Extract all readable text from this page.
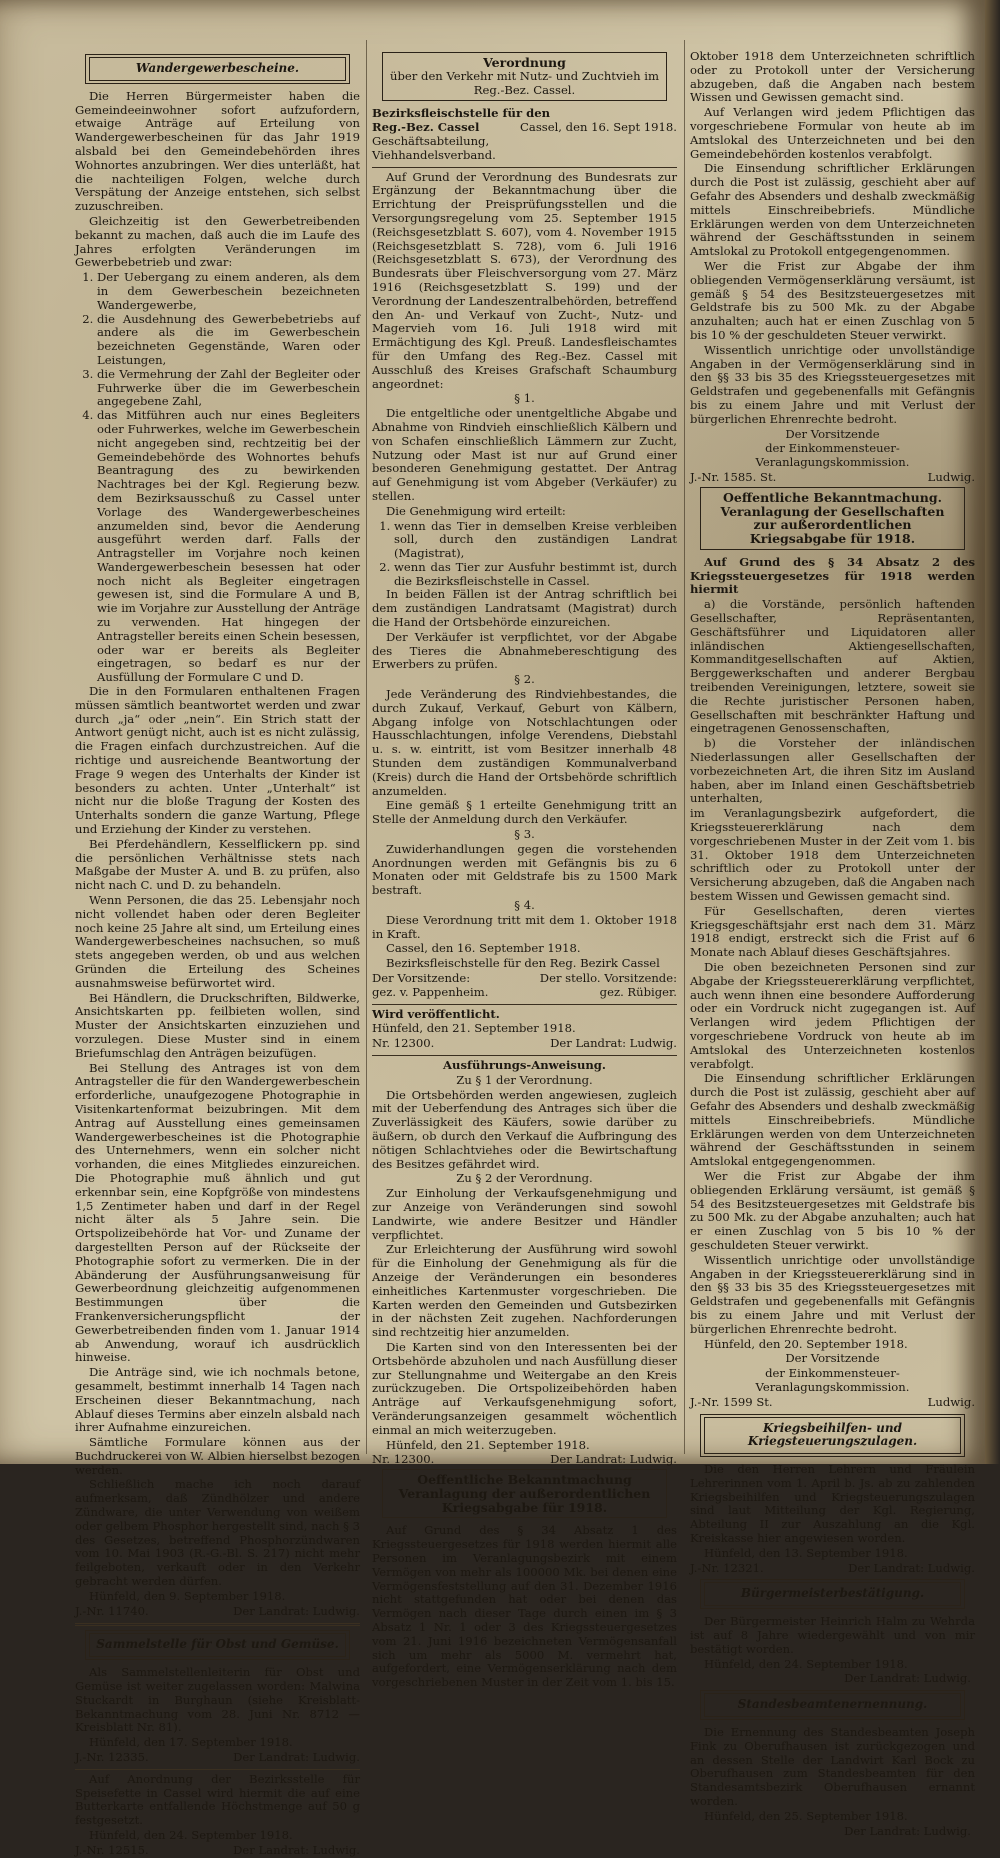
Wandergewerbescheine.

Die Herren Bürgermeister haben die Gemeindeeinwohner sofort aufzufordern, etwaige Anträge auf Erteilung von Wandergewerbescheinen für das Jahr 1919 alsbald bei den Gemeindebehörden ihres Wohnortes anzubringen. Wer dies unterläßt, hat die nachteiligen Folgen, welche durch Verspätung der Anzeige entstehen, sich selbst zuzuschreiben.

Gleichzeitig ist den Gewerbetreibenden bekannt zu machen, daß auch die im Laufe des Jahres erfolgten Veränderungen im Gewerbebetrieb und zwar:

1. Der Uebergang zu einem anderen, als dem in dem Gewerbeschein bezeichneten Wandergewerbe,
2. die Ausdehnung des Gewerbebetriebs auf andere als die im Gewerbeschein bezeichneten Gegenstände, Waren oder Leistungen,
3. die Vermehrung der Zahl der Begleiter oder Fuhrwerke über die im Gewerbeschein angegebene Zahl,
4. das Mitführen auch nur eines Begleiters oder Fuhrwerkes, welche im Gewerbeschein nicht angegeben sind, rechtzeitig bei der Gemeindebehörde des Wohnortes behufs Beantragung des zu bewirkenden Nachtrages bei der Kgl. Regierung bezw. dem Bezirksausschuß zu Cassel unter Vorlage des Wandergewerbescheines anzumelden sind, bevor die Aenderung ausgeführt werden darf. Falls der Antragsteller im Vorjahre noch keinen Wandergewerbeschein besessen hat oder noch nicht als Begleiter eingetragen gewesen ist, sind die Formulare A und B, wie im Vorjahre zur Ausstellung der Anträge zu verwenden. Hat hingegen der Antragsteller bereits einen Schein besessen, oder war er bereits als Begleiter eingetragen, so bedarf es nur der Ausfüllung der Formulare C und D.

Die in den Formularen enthaltenen Fragen müssen sämtlich beantwortet werden und zwar durch „ja“ oder „nein“. Ein Strich statt der Antwort genügt nicht, auch ist es nicht zulässig, die Fragen einfach durchzustreichen. Auf die richtige und ausreichende Beantwortung der Frage 9 wegen des Unterhalts der Kinder ist besonders zu achten. Unter „Unterhalt“ ist nicht nur die bloße Tragung der Kosten des Unterhalts sondern die ganze Wartung, Pflege und Erziehung der Kinder zu verstehen.

Bei Pferdehändlern, Kesselflickern pp. sind die persönlichen Verhältnisse stets nach Maßgabe der Muster A. und B. zu prüfen, also nicht nach C. und D. zu behandeln.

Wenn Personen, die das 25. Lebensjahr noch nicht vollendet haben oder deren Begleiter noch keine 25 Jahre alt sind, um Erteilung eines Wandergewerbescheines nachsuchen, so muß stets angegeben werden, ob und aus welchen Gründen die Erteilung des Scheines ausnahmsweise befürwortet wird.

Bei Händlern, die Druckschriften, Bildwerke, Ansichtskarten pp. feilbieten wollen, sind Muster der Ansichtskarten einzuziehen und vorzulegen. Diese Muster sind in einem Briefumschlag den Anträgen beizufügen.

Bei Stellung des Antrages ist von dem Antragsteller die für den Wandergewerbeschein erforderliche, unaufgezogene Photographie in Visitenkartenformat beizubringen. Mit dem Antrag auf Ausstellung eines gemeinsamen Wandergewerbescheines ist die Photographie des Unternehmers, wenn ein solcher nicht vorhanden, die eines Mitgliedes einzureichen. Die Photographie muß ähnlich und gut erkennbar sein, eine Kopfgröße von mindestens 1,5 Zentimeter haben und darf in der Regel nicht älter als 5 Jahre sein. Die Ortspolizeibehörde hat Vor- und Zuname der dargestellten Person auf der Rückseite der Photographie sofort zu vermerken. Die in der Abänderung der Ausführungsanweisung für Gewerbeordnung gleichzeitig aufgenommenen Bestimmungen über die Frankenversicherungspflicht der Gewerbetreibenden finden vom 1. Januar 1914 ab Anwendung, worauf ich ausdrücklich hinweise.

Die Anträge sind, wie ich nochmals betone, gesammelt, bestimmt innerhalb 14 Tagen nach Erscheinen dieser Bekanntmachung, nach Ablauf dieses Termins aber einzeln alsbald nach ihrer Aufnahme einzureichen.

Sämtliche Formulare können aus der Buchdruckerei von W. Albien hierselbst bezogen werden.

Schließlich mache ich noch darauf aufmerksam, daß Zündhölzer und andere Zündware, die unter Verwendung von weißem oder gelbem Phosphor hergestellt sind, nach § 3 des Gesetzes, betreffend Phosphorzündwaren vom 10. Mai 1903 (R.-G.-Bl. S. 217) nicht mehr feilgeboten, verkauft oder in den Verkehr gebracht werden dürfen.

Hünfeld, den 9. September 1918.

J.-Nr. 11740.	Der Landrat: Ludwig.
Sammelstelle für Obst und Gemüse.

Als Sammelstellenleiterin für Obst und Gemüse ist weiter zugelassen worden: Malwina Stuckardt in Burghaun (siehe Kreisblatt-Bekanntmachung vom 28. Juni Nr. 8712 — Kreisblatt Nr. 81).

Hünfeld, den 17. September 1918.

J.-Nr. 12335.	Der Landrat: Ludwig.

Auf Anordnung der Bezirksstelle für Speisefette in Cassel wird hiermit die auf eine Butterkarte entfallende Höchstmenge auf 50 g festgesetzt.

Hünfeld, den 24. September 1918.

J.-Nr. 12515.	Der Landrat: Ludwig.
Verordnung
über den Verkehr mit Nutz- und Zuchtvieh im Reg.-Bez. Cassel.
Bezirksfleischstelle für den
Reg.-Bez. Cassel	Cassel, den 16. Sept 1918.
Geschäftsabteilung,
Viehhandelsverband.

Auf Grund der Verordnung des Bundesrats zur Ergänzung der Bekanntmachung über die Errichtung der Preisprüfungsstellen und die Versorgungsregelung vom 25. September 1915 (Reichsgesetzblatt S. 607), vom 4. November 1915 (Reichsgesetzblatt S. 728), vom 6. Juli 1916 (Reichsgesetzblatt S. 673), der Verordnung des Bundesrats über Fleischversorgung vom 27. März 1916 (Reichsgesetzblatt S. 199) und der Verordnung der Landeszentralbehörden, betreffend den An- und Verkauf von Zucht-, Nutz- und Magervieh vom 16. Juli 1918 wird mit Ermächtigung des Kgl. Preuß. Landesfleischamtes für den Umfang des Reg.-Bez. Cassel mit Ausschluß des Kreises Grafschaft Schaumburg angeordnet:

§ 1.

Die entgeltliche oder unentgeltliche Abgabe und Abnahme von Rindvieh einschließlich Kälbern und von Schafen einschließlich Lämmern zur Zucht, Nutzung oder Mast ist nur auf Grund einer besonderen Genehmigung gestattet. Der Antrag auf Genehmigung ist vom Abgeber (Verkäufer) zu stellen.

Die Genehmigung wird erteilt:

1. wenn das Tier in demselben Kreise verbleiben soll, durch den zuständigen Landrat (Magistrat),
2. wenn das Tier zur Ausfuhr bestimmt ist, durch die Bezirksfleischstelle in Cassel.

In beiden Fällen ist der Antrag schriftlich bei dem zuständigen Landratsamt (Magistrat) durch die Hand der Ortsbehörde einzureichen.

Der Verkäufer ist verpflichtet, vor der Abgabe des Tieres die Abnahmebereschtigung des Erwerbers zu prüfen.

§ 2.

Jede Veränderung des Rindviehbestandes, die durch Zukauf, Verkauf, Geburt von Kälbern, Abgang infolge von Notschlachtungen oder Hausschlachtungen, infolge Verendens, Diebstahl u. s. w. eintritt, ist vom Besitzer innerhalb 48 Stunden dem zuständigen Kommunalverband (Kreis) durch die Hand der Ortsbehörde schriftlich anzumelden.

Eine gemäß § 1 erteilte Genehmigung tritt an Stelle der Anmeldung durch den Verkäufer.

§ 3.

Zuwiderhandlungen gegen die vorstehenden Anordnungen werden mit Gefängnis bis zu 6 Monaten oder mit Geldstrafe bis zu 1500 Mark bestraft.

§ 4.

Diese Verordnung tritt mit dem 1. Oktober 1918 in Kraft.

Cassel, den 16. September 1918.

Bezirksfleischstelle für den Reg. Bezirk Cassel

Der Vorsitzende:	Der stello. Vorsitzende:
gez. v. Pappenheim.	gez. Rübiger.

Wird veröffentlicht.

Hünfeld, den 21. September 1918.

Nr. 12300.	Der Landrat: Ludwig.

Ausführungs-Anweisung.

Zu § 1 der Verordnung.

Die Ortsbehörden werden angewiesen, zugleich mit der Ueberfendung des Antrages sich über die Zuverlässigkeit des Käufers, sowie darüber zu äußern, ob durch den Verkauf die Aufbringung des nötigen Schlachtviehes oder die Bewirtschaftung des Besitzes gefährdet wird.

Zu § 2 der Verordnung.

Zur Einholung der Verkaufsgenehmigung und zur Anzeige von Veränderungen sind sowohl Landwirte, wie andere Besitzer und Händler verpflichtet.

Zur Erleichterung der Ausführung wird sowohl für die Einholung der Genehmigung als für die Anzeige der Veränderungen ein besonderes einheitliches Kartenmuster vorgeschrieben. Die Karten werden den Gemeinden und Gutsbezirken in der nächsten Zeit zugehen. Nachforderungen sind rechtzeitig hier anzumelden.

Die Karten sind von den Interessenten bei der Ortsbehörde abzuholen und nach Ausfüllung dieser zur Stellungnahme und Weitergabe an den Kreis zurückzugeben. Die Ortspolizeibehörden haben Anträge auf Verkaufsgenehmigung sofort, Veränderungsanzeigen gesammelt wöchentlich einmal an mich weiterzugeben.

Hünfeld, den 21. September 1918.

Nr. 12300.	Der Landrat: Ludwig.
Oeffentliche Bekanntmachung
Veranlagung der außerordentlichen Kriegsabgabe für 1918.

Auf Grund des § 34 Absatz 1 des Kriegssteuergesetzes für 1918 werden hiermit alle Personen im Veranlagungsbezirk mit einem Vermögen von mehr als 100000 Mk. bei denen eine Vermögensfeststellung auf den 31. Dezember 1916 nicht stattgefunden hat oder bei denen das Vermögen nach dieser Tage durch einen im § 3 Absatz 1 Nr. 1 oder 3 des Kriegssteuergesetzes vom 21. Juni 1916 bezeichneten Vermögensanfall sich um mehr als 5000 M. vermehrt hat, aufgefordert, eine Vermögenserklärung nach dem vorgeschriebenen Muster in der Zeit vom 1. bis 15.

Oktober 1918 dem Unterzeichneten schriftlich oder zu Protokoll unter der Versicherung abzugeben, daß die Angaben nach bestem Wissen und Gewissen gemacht sind.

Auf Verlangen wird jedem Pflichtigen das vorgeschriebene Formular von heute ab im Amtslokal des Unterzeichneten und bei den Gemeindebehörden kostenlos verabfolgt.

Die Einsendung schriftlicher Erklärungen durch die Post ist zulässig, geschieht aber auf Gefahr des Absenders und deshalb zweckmäßig mittels Einschreibebriefs. Mündliche Erklärungen werden von dem Unterzeichneten während der Geschäftsstunden in seinem Amtslokal zu Protokoll entgegengenommen.

Wer die Frist zur Abgabe der ihm obliegenden Vermögenserklärung versäumt, ist gemäß § 54 des Besitzsteuergesetzes mit Geldstrafe bis zu 500 Mk. zu der Abgabe anzuhalten; auch hat er einen Zuschlag von 5 bis 10 % der geschuldeten Steuer verwirkt.

Wissentlich unrichtige oder unvollständige Angaben in der Vermögenserklärung sind in den §§ 33 bis 35 des Kriegssteuergesetzes mit Geldstrafen und gegebenenfalls mit Gefängnis bis zu einem Jahre und mit Verlust der bürgerlichen Ehrenrechte bedroht.

Der Vorsitzende

der Einkommensteuer-Veranlagungskommission.

J.-Nr. 1585. St.	Ludwig.
Oeffentliche Bekanntmachung.
Veranlagung der Gesellschaften
zur außerordentlichen Kriegsabgabe für 1918.

Auf Grund des § 34 Absatz 2 des Kriegssteuergesetzes für 1918 werden hiermit

a) die Vorstände, persönlich haftenden Gesellschafter, Repräsentanten, Geschäftsführer und Liquidatoren aller inländischen Aktiengesellschaften, Kommanditgesellschaften auf Aktien, Berggewerkschaften und anderer Bergbau treibenden Vereinigungen, letztere, soweit sie die Rechte juristischer Personen haben, Gesellschaften mit beschränkter Haftung und eingetragenen Genossenschaften,

b) die Vorsteher der inländischen Niederlassungen aller Gesellschaften der vorbezeichneten Art, die ihren Sitz im Ausland haben, aber im Inland einen Geschäftsbetrieb unterhalten,

im Veranlagungsbezirk aufgefordert, die Kriegssteuererklärung nach dem vorgeschriebenen Muster in der Zeit vom 1. bis 31. Oktober 1918 dem Unterzeichneten schriftlich oder zu Protokoll unter der Versicherung abzugeben, daß die Angaben nach bestem Wissen und Gewissen gemacht sind.

Für Gesellschaften, deren viertes Kriegsgeschäftsjahr erst nach dem 31. März 1918 endigt, erstreckt sich die Frist auf 6 Monate nach Ablauf dieses Geschäftsjahres.

Die oben bezeichneten Personen sind zur Abgabe der Kriegssteuererklärung verpflichtet, auch wenn ihnen eine besondere Aufforderung oder ein Vordruck nicht zugegangen ist. Auf Verlangen wird jedem Pflichtigen der vorgeschriebene Vordruck von heute ab im Amtslokal des Unterzeichneten kostenlos verabfolgt.

Die Einsendung schriftlicher Erklärungen durch die Post ist zulässig, geschieht aber auf Gefahr des Absenders und deshalb zweckmäßig mittels Einschreibebriefs. Mündliche Erklärungen werden von dem Unterzeichneten während der Geschäftsstunden in seinem Amtslokal entgegengenommen.

Wer die Frist zur Abgabe der ihm obliegenden Erklärung versäumt, ist gemäß § 54 des Besitzsteuergesetzes mit Geldstrafe bis zu 500 Mk. zu der Abgabe anzuhalten; auch hat er einen Zuschlag von 5 bis 10 % der geschuldeten Steuer verwirkt.

Wissentlich unrichtige oder unvollständige Angaben in der Kriegssteuererklärung sind in den §§ 33 bis 35 des Kriegssteuergesetzes mit Geldstrafen und gegebenenfalls mit Gefängnis bis zu einem Jahre und mit Verlust der bürgerlichen Ehrenrechte bedroht.

Hünfeld, den 20. September 1918.

Der Vorsitzende

der Einkommensteuer-Veranlagungskommission.

J.-Nr. 1599 St.	Ludwig.
Kriegsbeihilfen- und Kriegsteuerungszulagen.

Die den Herren Lehrern und Fräulein Lehrerinnen vom 1. April b. Js. ab zu zahlenden Kriegsbeihilfen und Kriegsteuerungszulagen sind laut Mitteilung der Kgl. Regierung, Abteilung II zur Auszahlung an die Kgl. Kreiskasse hier angewiesen worden.

Hünfeld, den 13. September 1918.

J.-Nr. 12321.	Der Landrat: Ludwig.
Bürgermeisterbestätigung.

Der Bürgermeister Heinrich Halm zu Wehrda ist auf 8 Jahre wiedergewählt und von mir bestätigt worden.

Hünfeld, den 24. September 1918.

Der Landrat: Ludwig.

Standesbeamtenernennung.

Die Ernennung des Standesbeamten Joseph Fink zu Oberufhausen ist zurückgezogen und an dessen Stelle der Landwirt Karl Bock zu Oberufhausen zum Standesbeamten für den Standesamtsbezirk Oberufhausen ernannt worden.

Hünfeld, den 25. September 1918.

Der Landrat: Ludwig.
